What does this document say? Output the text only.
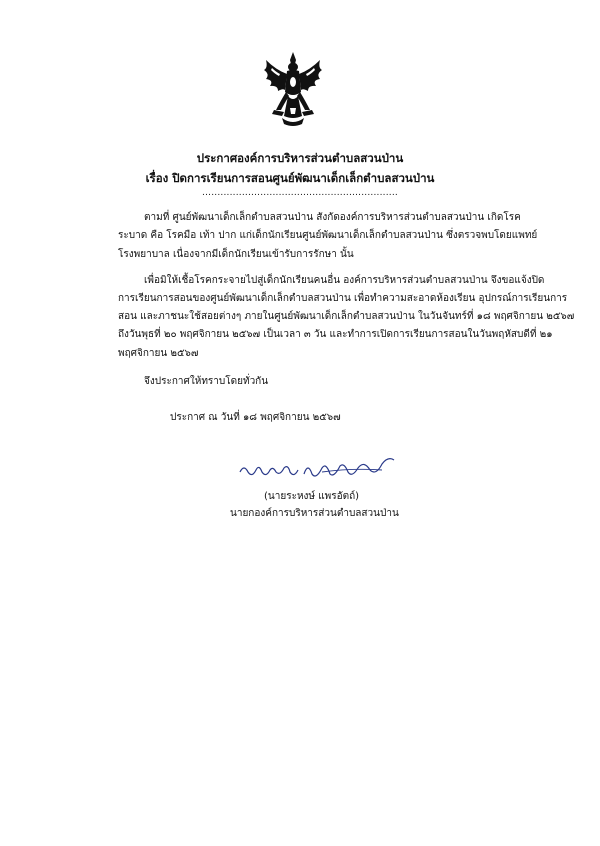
ประกาศองค์การบริหารส่วนตำบลสวนป่าน
เรื่อง ปิดการเรียนการสอนศูนย์พัฒนาเด็กเล็กตำบลสวนป่าน
................................................................
ตามที่ ศูนย์พัฒนาเด็กเล็กตำบลสวนป่าน สังกัดองค์การบริหารส่วนตำบลสวนป่าน เกิดโรค
ระบาด คือ โรคมือ เท้า ปาก แก่เด็กนักเรียนศูนย์พัฒนาเด็กเล็กตำบลสวนป่าน ซึ่งตรวจพบโดยแพทย์
โรงพยาบาล เนื่องจากมีเด็กนักเรียนเข้ารับการรักษา นั้น
เพื่อมิให้เชื้อโรคกระจายไปสู่เด็กนักเรียนคนอื่น องค์การบริหารส่วนตำบลสวนป่าน จึงขอแจ้งปิด
การเรียนการสอนของศูนย์พัฒนาเด็กเล็กตำบลสวนป่าน เพื่อทำความสะอาดห้องเรียน อุปกรณ์การเรียนการ
สอน และภาชนะใช้สอยต่างๆ ภายในศูนย์พัฒนาเด็กเล็กตำบลสวนป่าน ในวันจันทร์ที่ ๑๘ พฤศจิกายน ๒๕๖๗
ถึงวันพุธที่ ๒๐ พฤศจิกายน ๒๕๖๗ เป็นเวลา ๓ วัน และทำการเปิดการเรียนการสอนในวันพฤหัสบดีที่ ๒๑
พฤศจิกายน ๒๕๖๗
จึงประกาศให้ทราบโดยทั่วกัน
ประกาศ ณ วันที่ ๑๘ พฤศจิกายน ๒๕๖๗
(นายระหงษ์ แพรอัตถ์)
นายกองค์การบริหารส่วนตำบลสวนป่าน
